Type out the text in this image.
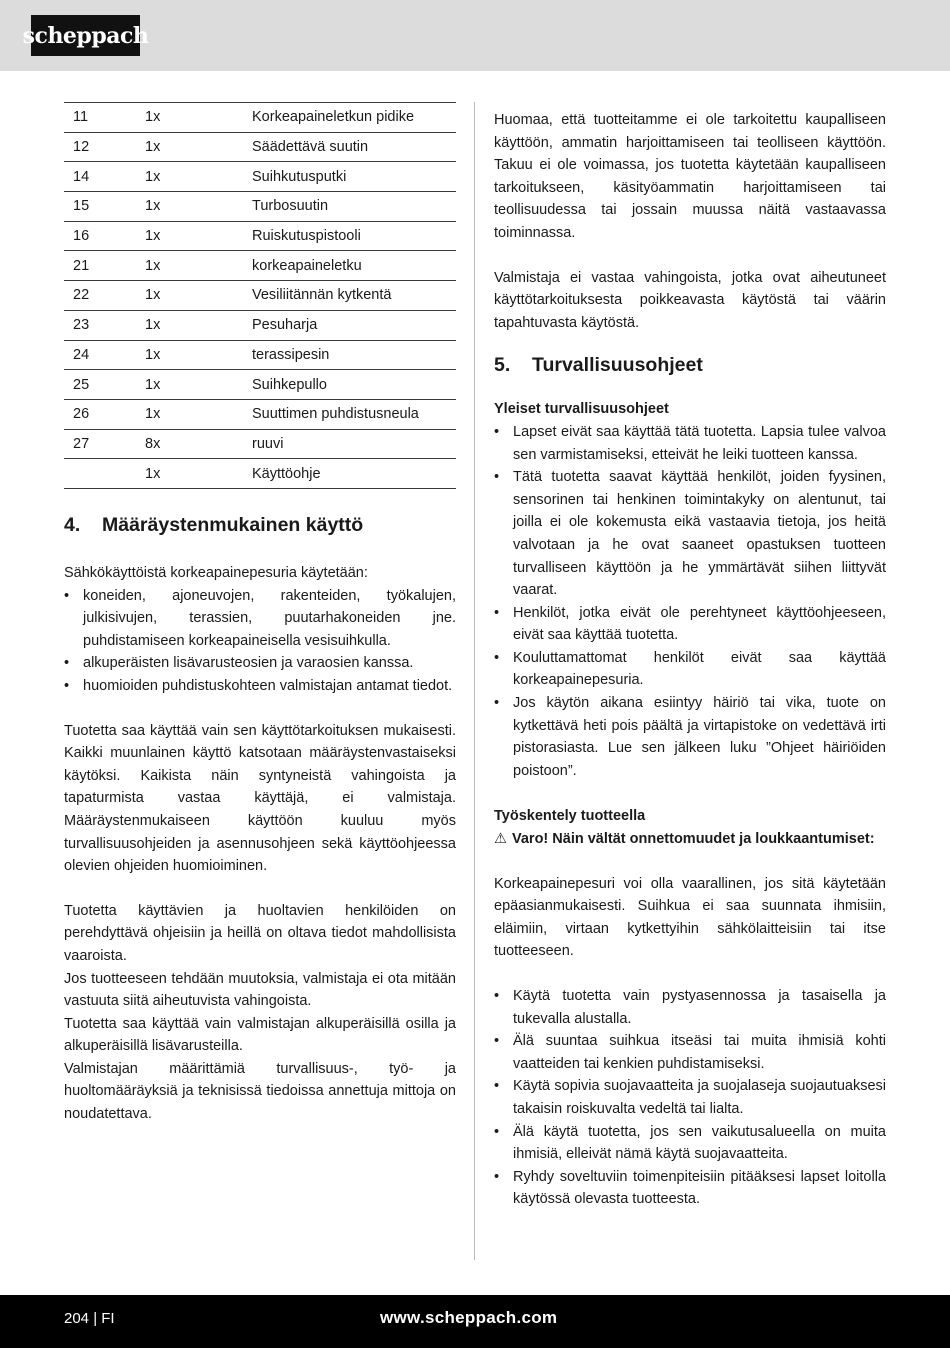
scheppach
11	1x	Korkeapaineletkun pidike
12	1x	Säädettävä suutin
14	1x	Suihkutusputki
15	1x	Turbosuutin
16	1x	Ruiskutuspistooli
21	1x	korkeapaineletku
22	1x	Vesiliitännän kytkentä
23	1x	Pesuharja
24	1x	terassipesin
25	1x	Suihkepullo
26	1x	Suuttimen puhdistusneula
27	8x	ruuvi
	1x	Käyttöohje
4. Määräystenmukainen käyttö

Sähkökäyttöistä korkeapainepesuria käytetään:

• koneiden, ajoneuvojen, rakenteiden, työkalujen, julkisivujen, terassien, puutarhakoneiden jne. puhdistamiseen korkeapaineisella vesisuihkulla.
• alkuperäisten lisävarusteosien ja varaosien kanssa.
• huomioiden puhdistuskohteen valmistajan antamat tiedot.

Tuotetta saa käyttää vain sen käyttötarkoituksen mukaisesti. Kaikki muunlainen käyttö katsotaan määräystenvastaiseksi käytöksi. Kaikista näin syntyneistä vahingoista ja tapaturmista vastaa käyttäjä, ei valmistaja. Määräystenmukaiseen käyttöön kuuluu myös turvallisuusohjeiden ja asennusohjeen sekä käyttöohjeessa olevien ohjeiden huomioiminen.

Tuotetta käyttävien ja huoltavien henkilöiden on perehdyttävä ohjeisiin ja heillä on oltava tiedot mahdollisista vaaroista.

Jos tuotteeseen tehdään muutoksia, valmistaja ei ota mitään vastuuta siitä aiheutuvista vahingoista.

Tuotetta saa käyttää vain valmistajan alkuperäisillä osilla ja alkuperäisillä lisävarusteilla.

Valmistajan määrittämiä turvallisuus-, työ- ja huoltomääräyksiä ja teknisissä tiedoissa annettuja mittoja on noudatettava.

Huomaa, että tuotteitamme ei ole tarkoitettu kaupalliseen käyttöön, ammatin harjoittamiseen tai teolliseen käyttöön. Takuu ei ole voimassa, jos tuotetta käytetään kaupalliseen tarkoitukseen, käsityöammatin harjoittamiseen tai teollisuudessa tai jossain muussa näitä vastaavassa toiminnassa.

Valmistaja ei vastaa vahingoista, jotka ovat aiheutuneet käyttötarkoituksesta poikkeavasta käytöstä tai väärin tapahtuvasta käytöstä.

5. Turvallisuusohjeet

Yleiset turvallisuusohjeet

• Lapset eivät saa käyttää tätä tuotetta. Lapsia tulee valvoa sen varmistamiseksi, etteivät he leiki tuotteen kanssa.
• Tätä tuotetta saavat käyttää henkilöt, joiden fyysinen, sensorinen tai henkinen toimintakyky on alentunut, tai joilla ei ole kokemusta eikä vastaavia tietoja, jos heitä valvotaan ja he ovat saaneet opastuksen tuotteen turvalliseen käyttöön ja he ymmärtävät siihen liittyvät vaarat.
• Henkilöt, jotka eivät ole perehtyneet käyttöohjeeseen, eivät saa käyttää tuotetta.
• Kouluttamattomat henkilöt eivät saa käyttää korkeapainepesuria.
• Jos käytön aikana esiintyy häiriö tai vika, tuote on kytkettävä heti pois päältä ja virtapistoke on vedettävä irti pistorasiasta. Lue sen jälkeen luku ”Ohjeet häiriöiden poistoon”.

Työskentely tuotteella

⚠ Varo! Näin vältät onnettomuudet ja loukkaantumiset:

Korkeapainepesuri voi olla vaarallinen, jos sitä käytetään epäasianmukaisesti. Suihkua ei saa suunnata ihmisiin, eläimiin, virtaan kytkettyihin sähkölaitteisiin tai itse tuotteeseen.

• Käytä tuotetta vain pystyasennossa ja tasaisella ja tukevalla alustalla.
• Älä suuntaa suihkua itseäsi tai muita ihmisiä kohti vaatteiden tai kenkien puhdistamiseksi.
• Käytä sopivia suojavaatteita ja suojalaseja suojautuaksesi takaisin roiskuvalta vedeltä tai lialta.
• Älä käytä tuotetta, jos sen vaikutusalueella on muita ihmisiä, elleivät nämä käytä suojavaatteita.
• Ryhdy soveltuviin toimenpiteisiin pitääksesi lapset loitolla käytössä olevasta tuotteesta.
204 | FI	www.scheppach.com
